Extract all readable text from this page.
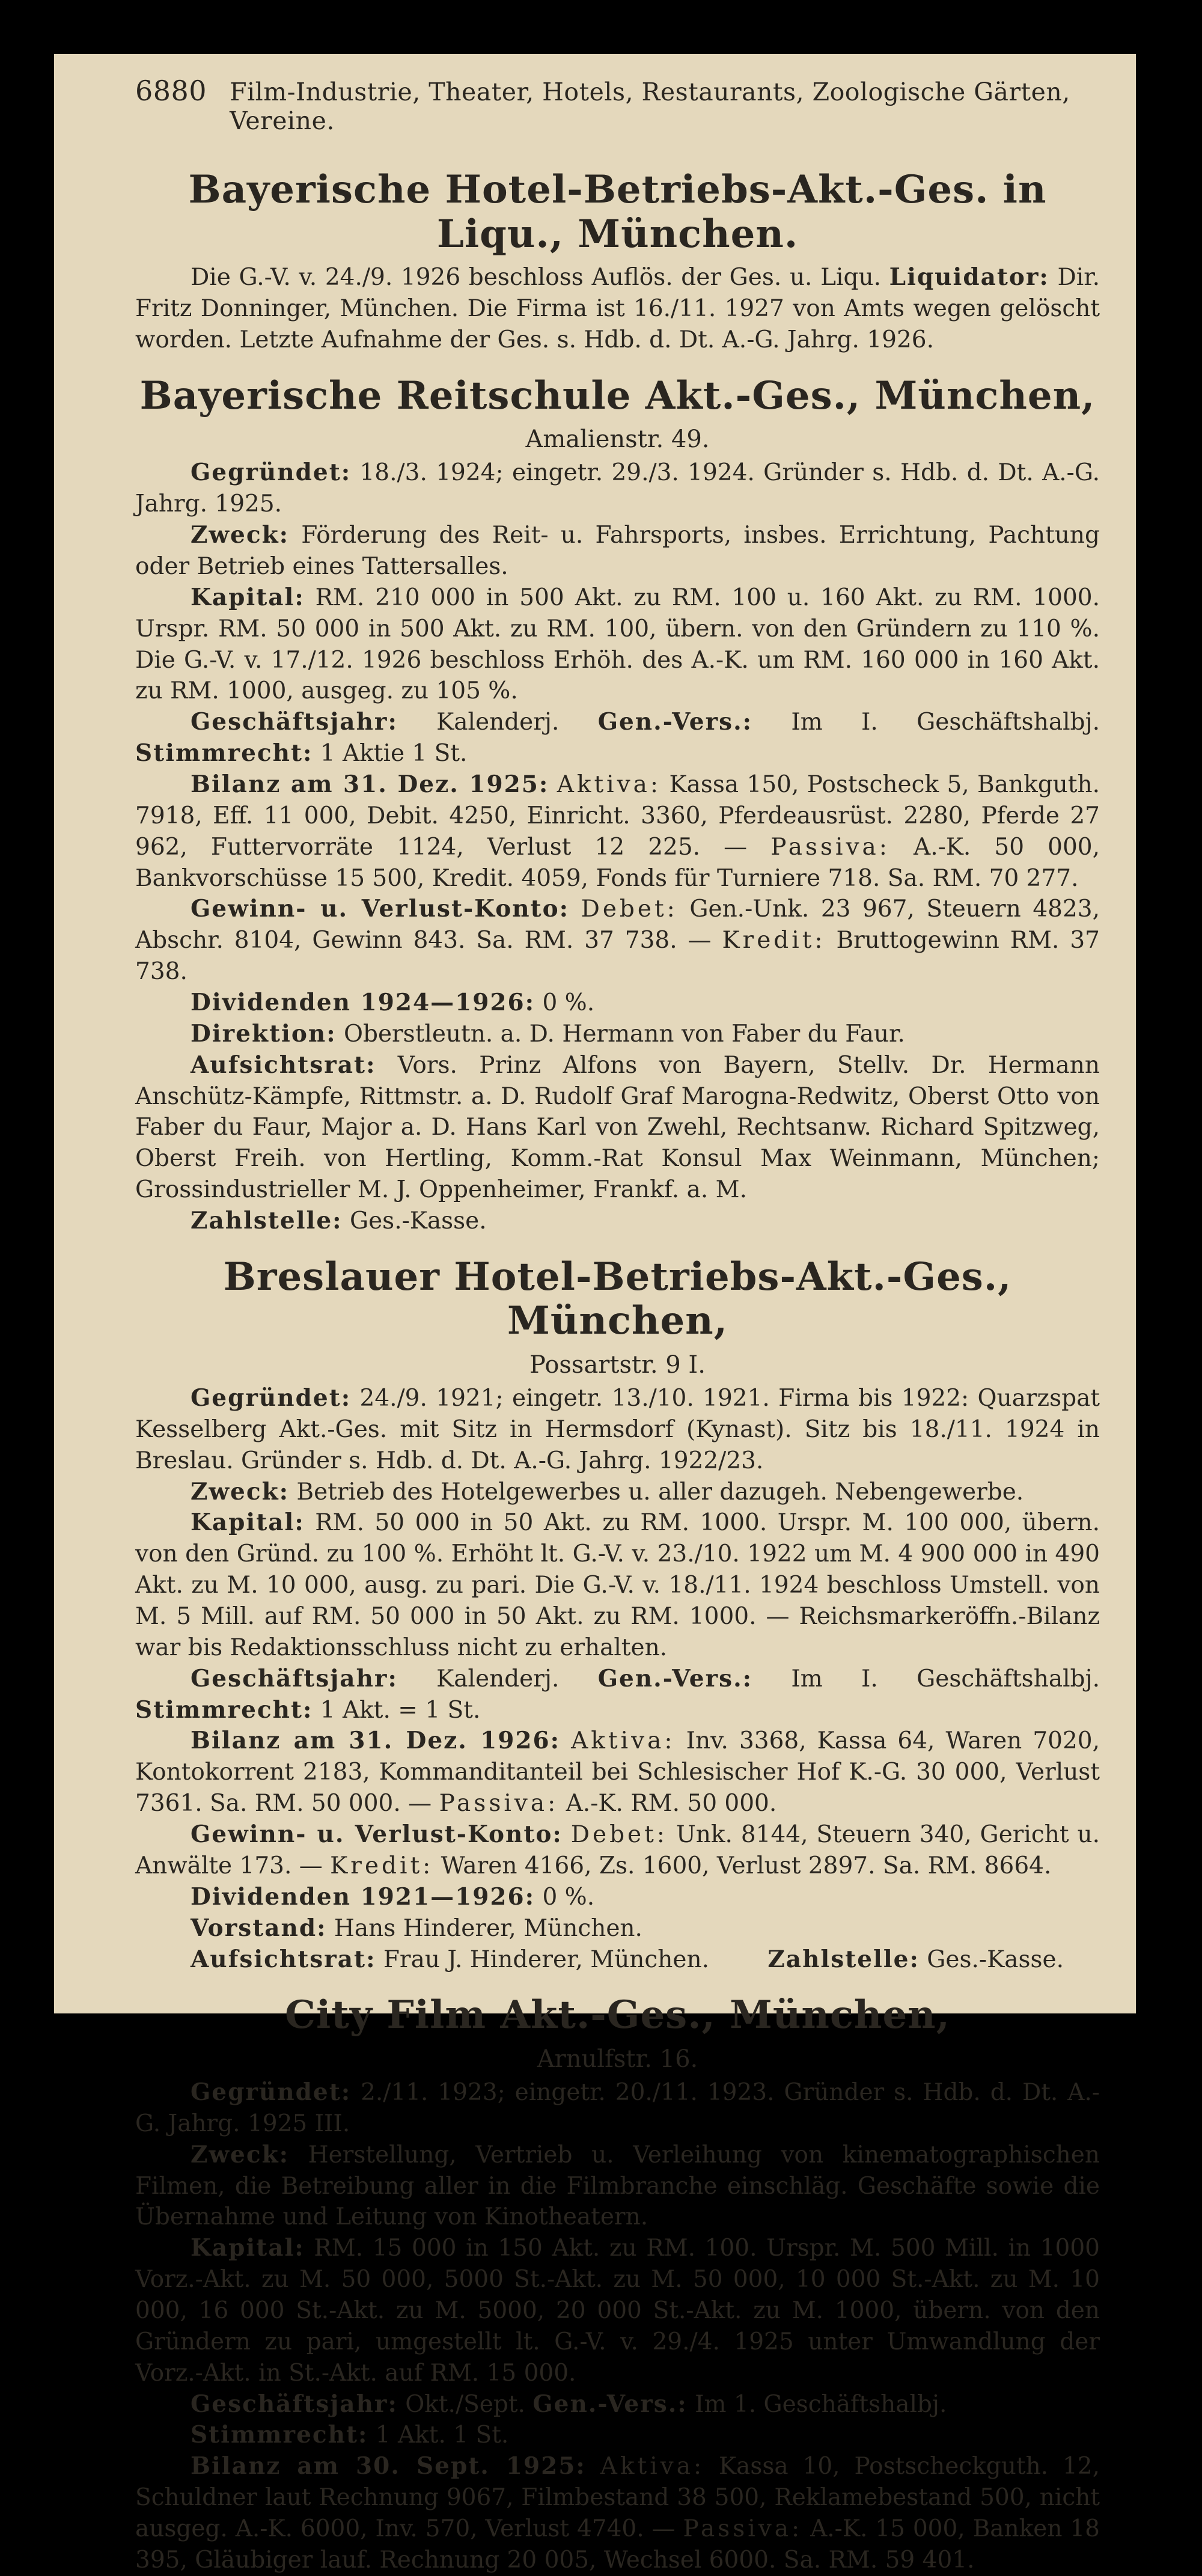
6880 Film-Industrie, Theater, Hotels, Restaurants, Zoologische Gärten, Vereine.
Bayerische Hotel-Betriebs-Akt.-Ges. in Liqu., München.

Die G.-V. v. 24./9. 1926 beschloss Auflös. der Ges. u. Liqu. Liquidator: Dir. Fritz Donninger, München. Die Firma ist 16./11. 1927 von Amts wegen gelöscht worden. Letzte Aufnahme der Ges. s. Hdb. d. Dt. A.-G. Jahrg. 1926.

Bayerische Reitschule Akt.-Ges., München,
Amalienstr. 49.

Gegründet: 18./3. 1924; eingetr. 29./3. 1924. Gründer s. Hdb. d. Dt. A.-G. Jahrg. 1925.

Zweck: Förderung des Reit- u. Fahrsports, insbes. Errichtung, Pachtung oder Betrieb eines Tattersalles.

Kapital: RM. 210 000 in 500 Akt. zu RM. 100 u. 160 Akt. zu RM. 1000. Urspr. RM. 50 000 in 500 Akt. zu RM. 100, übern. von den Gründern zu 110 %. Die G.-V. v. 17./12. 1926 beschloss Erhöh. des A.-K. um RM. 160 000 in 160 Akt. zu RM. 1000, ausgeg. zu 105 %.

Geschäftsjahr: Kalenderj. Gen.-Vers.: Im I. Geschäftshalbj. Stimmrecht: 1 Aktie 1 St.

Bilanz am 31. Dez. 1925: Aktiva: Kassa 150, Postscheck 5, Bankguth. 7918, Eff. 11 000, Debit. 4250, Einricht. 3360, Pferdeausrüst. 2280, Pferde 27 962, Futtervorräte 1124, Verlust 12 225. — Passiva: A.-K. 50 000, Bankvorschüsse 15 500, Kredit. 4059, Fonds für Turniere 718. Sa. RM. 70 277.

Gewinn- u. Verlust-Konto: Debet: Gen.-Unk. 23 967, Steuern 4823, Abschr. 8104, Gewinn 843. Sa. RM. 37 738. — Kredit: Bruttogewinn RM. 37 738.

Dividenden 1924—1926: 0 %.

Direktion: Oberstleutn. a. D. Hermann von Faber du Faur.

Aufsichtsrat: Vors. Prinz Alfons von Bayern, Stellv. Dr. Hermann Anschütz-Kämpfe, Rittmstr. a. D. Rudolf Graf Marogna-Redwitz, Oberst Otto von Faber du Faur, Major a. D. Hans Karl von Zwehl, Rechtsanw. Richard Spitzweg, Oberst Freih. von Hertling, Komm.-Rat Konsul Max Weinmann, München; Grossindustrieller M. J. Oppenheimer, Frankf. a. M.

Zahlstelle: Ges.-Kasse.

Breslauer Hotel-Betriebs-Akt.-Ges., München,
Possartstr. 9 I.

Gegründet: 24./9. 1921; eingetr. 13./10. 1921. Firma bis 1922: Quarzspat Kesselberg Akt.-Ges. mit Sitz in Hermsdorf (Kynast). Sitz bis 18./11. 1924 in Breslau. Gründer s. Hdb. d. Dt. A.-G. Jahrg. 1922/23.

Zweck: Betrieb des Hotelgewerbes u. aller dazugeh. Nebengewerbe.

Kapital: RM. 50 000 in 50 Akt. zu RM. 1000. Urspr. M. 100 000, übern. von den Gründ. zu 100 %. Erhöht lt. G.-V. v. 23./10. 1922 um M. 4 900 000 in 490 Akt. zu M. 10 000, ausg. zu pari. Die G.-V. v. 18./11. 1924 beschloss Umstell. von M. 5 Mill. auf RM. 50 000 in 50 Akt. zu RM. 1000. — Reichsmarkeröffn.-Bilanz war bis Redaktionsschluss nicht zu erhalten.

Geschäftsjahr: Kalenderj. Gen.-Vers.: Im I. Geschäftshalbj. Stimmrecht: 1 Akt. = 1 St.

Bilanz am 31. Dez. 1926: Aktiva: Inv. 3368, Kassa 64, Waren 7020, Kontokorrent 2183, Kommanditanteil bei Schlesischer Hof K.-G. 30 000, Verlust 7361. Sa. RM. 50 000. — Passiva: A.-K. RM. 50 000.

Gewinn- u. Verlust-Konto: Debet: Unk. 8144, Steuern 340, Gericht u. Anwälte 173. — Kredit: Waren 4166, Zs. 1600, Verlust 2897. Sa. RM. 8664.

Dividenden 1921—1926: 0 %.

Vorstand: Hans Hinderer, München.

Zahlstelle: Ges.-Kasse.
Aufsichtsrat: Frau J. Hinderer, München.

City Film Akt.-Ges., München,
Arnulfstr. 16.

Gegründet: 2./11. 1923; eingetr. 20./11. 1923. Gründer s. Hdb. d. Dt. A.-G. Jahrg. 1925 III.

Zweck: Herstellung, Vertrieb u. Verleihung von kinematographischen Filmen, die Betreibung aller in die Filmbranche einschläg. Geschäfte sowie die Übernahme und Leitung von Kinotheatern.

Kapital: RM. 15 000 in 150 Akt. zu RM. 100. Urspr. M. 500 Mill. in 1000 Vorz.-Akt. zu M. 50 000, 5000 St.-Akt. zu M. 50 000, 10 000 St.-Akt. zu M. 10 000, 16 000 St.-Akt. zu M. 5000, 20 000 St.-Akt. zu M. 1000, übern. von den Gründern zu pari, umgestellt lt. G.-V. v. 29./4. 1925 unter Umwandlung der Vorz.-Akt. in St.-Akt. auf RM. 15 000.

Geschäftsjahr: Okt./Sept. Gen.-Vers.: Im 1. Geschäftshalbj.

Stimmrecht: 1 Akt. 1 St.

Bilanz am 30. Sept. 1925: Aktiva: Kassa 10, Postscheckguth. 12, Schuldner laut Rechnung 9067, Filmbestand 38 500, Reklamebestand 500, nicht ausgeg. A.-K. 6000, Inv. 570, Verlust 4740. — Passiva: A.-K. 15 000, Banken 18 395, Gläubiger lauf. Rechnung 20 005, Wechsel 6000. Sa. RM. 59 401.
